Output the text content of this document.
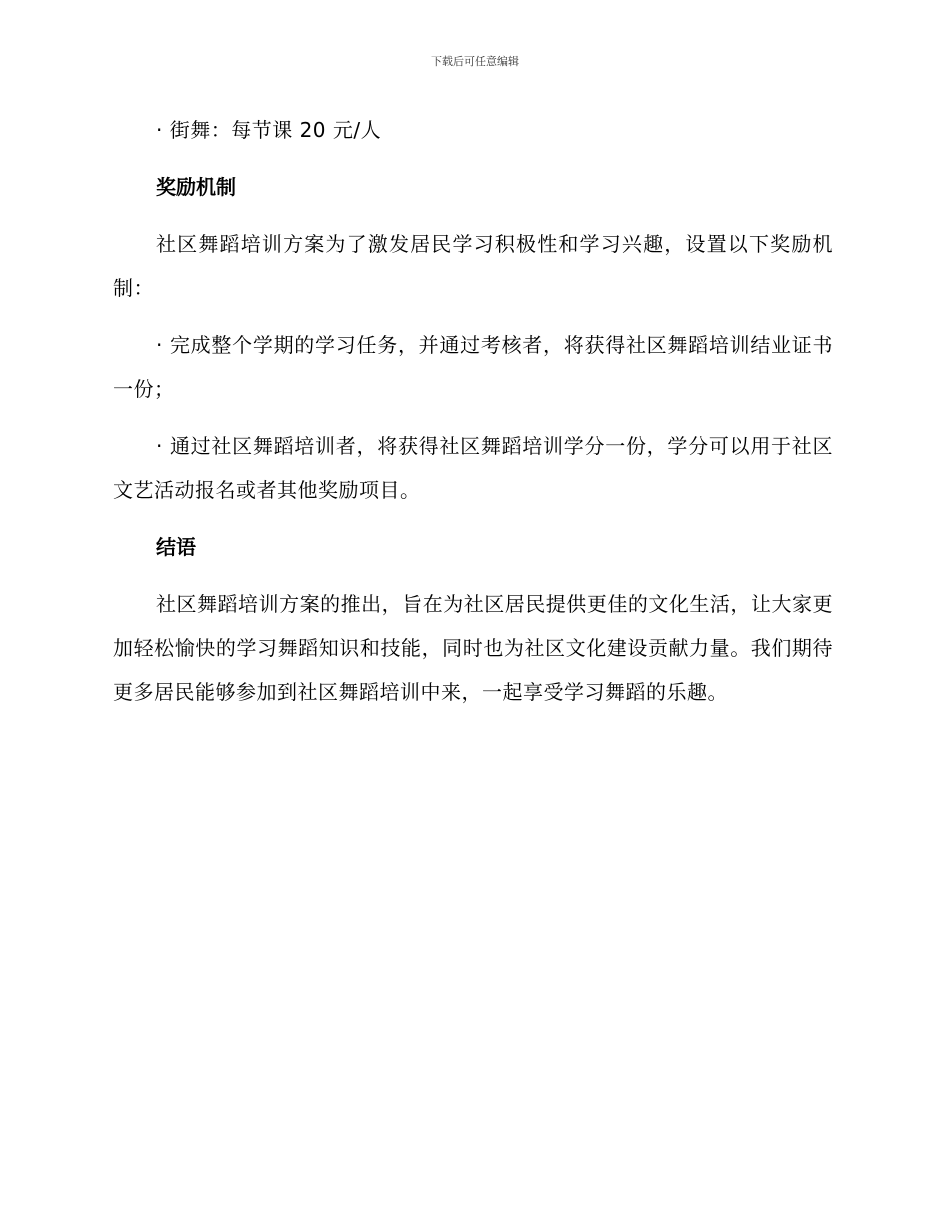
下载后可任意编辑

· 街舞：每节课 20 元/人

奖励机制

社区舞蹈培训方案为了激发居民学习积极性和学习兴趣，设置以下奖励机制：

· 完成整个学期的学习任务，并通过考核者，将获得社区舞蹈培训结业证书一份；

· 通过社区舞蹈培训者，将获得社区舞蹈培训学分一份，学分可以用于社区文艺活动报名或者其他奖励项目。

结语

社区舞蹈培训方案的推出，旨在为社区居民提供更佳的文化生活，让大家更加轻松愉快的学习舞蹈知识和技能，同时也为社区文化建设贡献力量。我们期待更多居民能够参加到社区舞蹈培训中来，一起享受学习舞蹈的乐趣。
